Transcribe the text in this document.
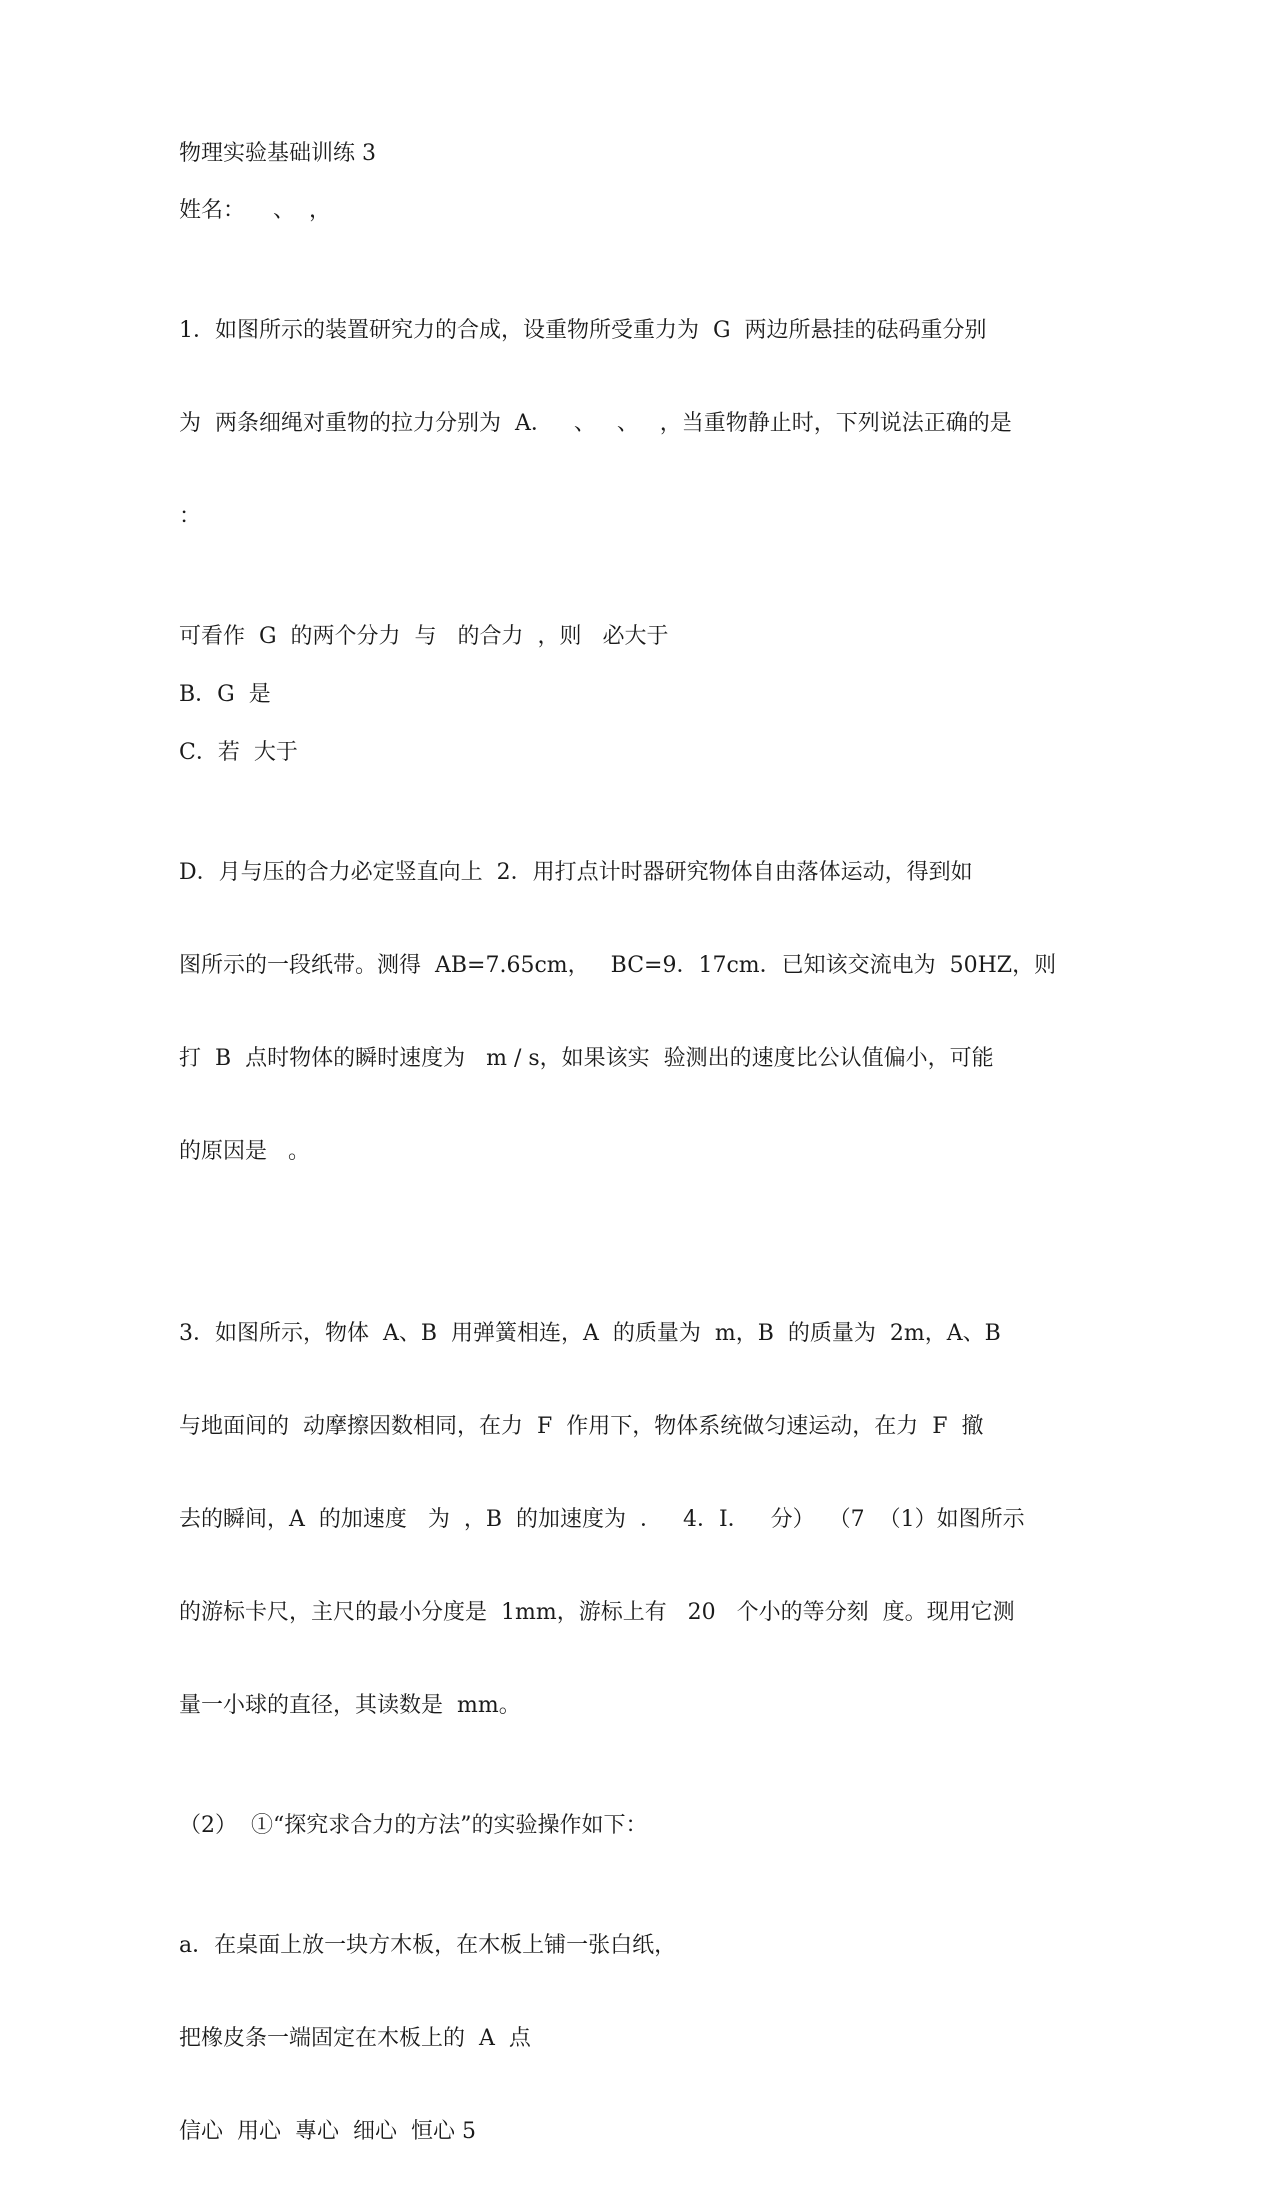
物理实验基础训练 3

姓名：    、  ，

1．如图所示的装置研究力的合成，设重物所受重力为  G  两边所悬挂的砝码重分别

为  两条细绳对重物的拉力分别为  A．   、   、   ，当重物静止时，下列说法正确的是

：

可看作  G  的两个分力  与   的合力  ，则   必大于

B．G  是

C．若  大于

D．月与压的合力必定竖直向上  2．用打点计时器研究物体自由落体运动，得到如

图所示的一段纸带。测得  AB=7.65cm，   BC=9．17cm．已知该交流电为  50HZ，则

打  B  点时物体的瞬时速度为   m / s，如果该实  验测出的速度比公认值偏小，可能

的原因是   。

3．如图所示，物体  A、B  用弹簧相连，A  的质量为  m，B  的质量为  2m，A、B

与地面间的  动摩擦因数相同，在力  F  作用下，物体系统做匀速运动，在力  F  撤

去的瞬间，A  的加速度   为  ，B  的加速度为  ．   4．Ⅰ．   分）  （7  （1）如图所示

的游标卡尺，主尺的最小分度是  1mm，游标上有   20   个小的等分刻  度。现用它测

量一小球的直径，其读数是  mm。

（2）  ①“探究求合力的方法”的实验操作如下：

a．在桌面上放一块方木板，在木板上铺一张白纸，

把橡皮条一端固定在木板上的  A  点

信心  用心  專心  细心  恒心 5
